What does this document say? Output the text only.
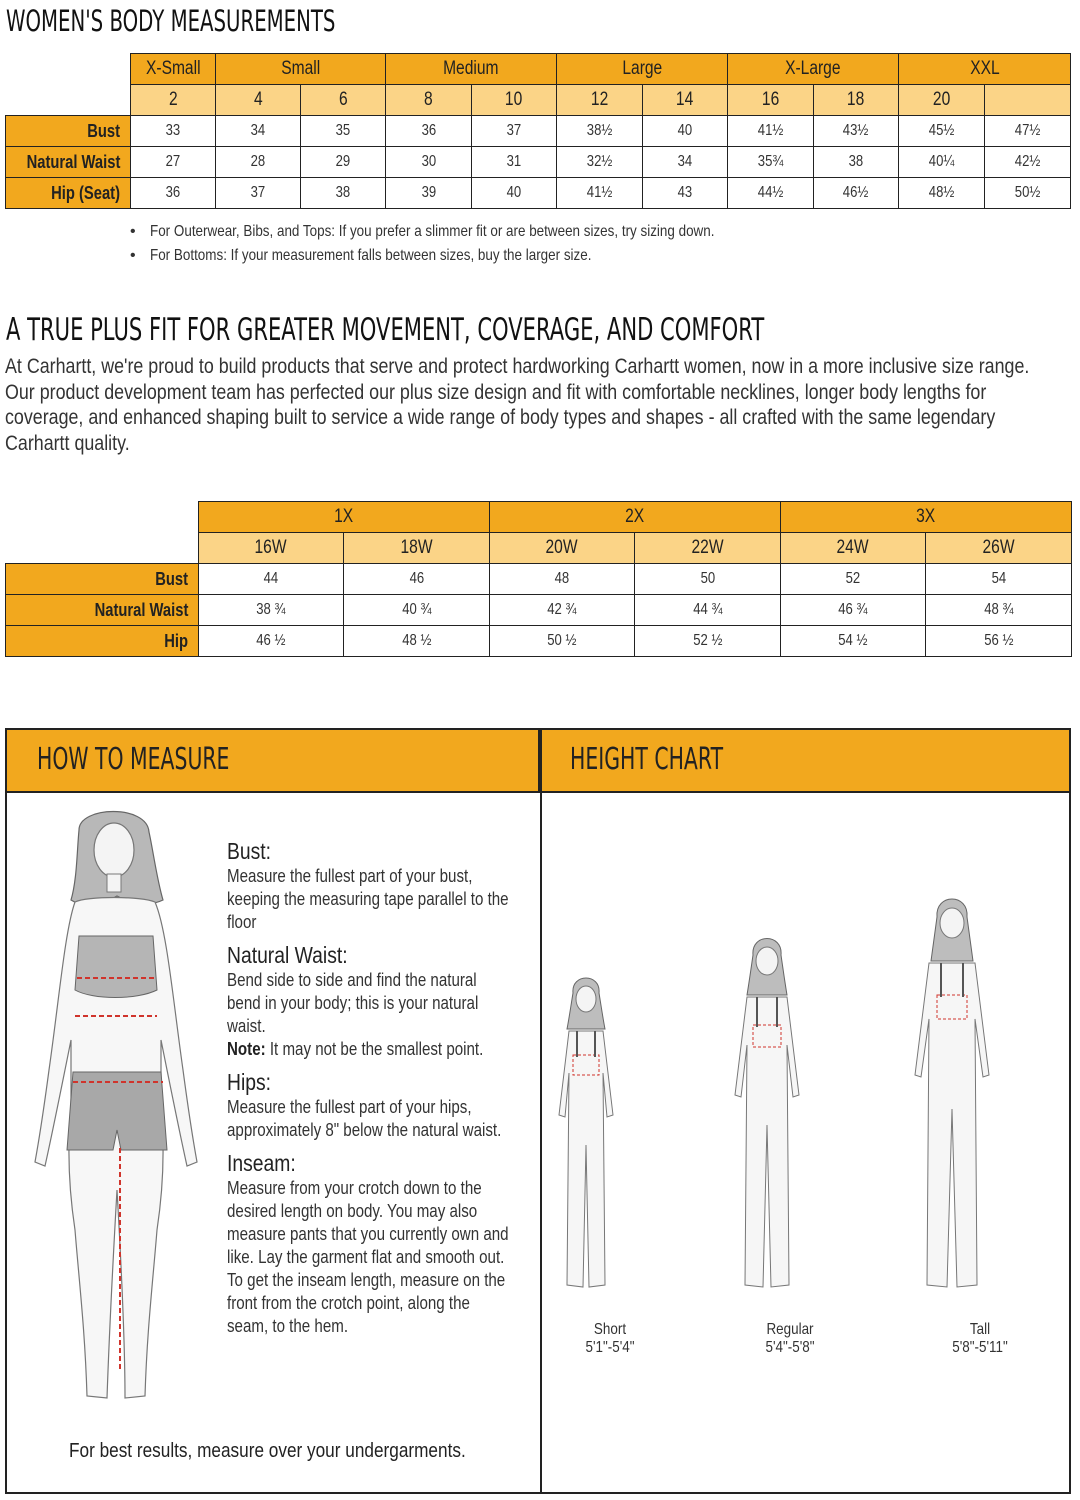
WOMEN'S BODY MEASUREMENTS
	X-Small	Small		Medium		Large		X-Large		XXL	
	2	4	6	8	10	12	14	16	18	20	
Bust	33	34	35	36	37	38½	40	41½	43½	45½	47½
Natural Waist	27	28	29	30	31	32½	34	35¾	38	40¼	42½
Hip (Seat)	36	37	38	39	40	41½	43	44½	46½	48½	50½
• For Outerwear, Bibs, and Tops: If you prefer a slimmer fit or are between sizes, try sizing down.
• For Bottoms: If your measurement falls between sizes, buy the larger size.
A TRUE PLUS FIT FOR GREATER MOVEMENT, COVERAGE, AND COMFORT

At Carhartt, we're proud to build products that serve and protect hardworking Carhartt women, now in a more inclusive size range. Our product development team has perfected our plus size design and fit with comfortable necklines, longer body lengths for coverage, and enhanced shaping built to service a wide range of body types and shapes - all crafted with the same legendary Carhartt quality.

	1X		2X		3X	
	16W	18W	20W	22W	24W	26W
Bust	44	46	48	50	52	54
Natural Waist	38 ¾	40 ¾	42 ¾	44 ¾	46 ¾	48 ¾
Hip	46 ½	48 ½	50 ½	52 ½	54 ½	56 ½
HOW TO MEASURE	HEIGHT CHART
Bust:
Measure the fullest part of your bust, keeping the measuring tape parallel to the floor
Natural Waist:
Bend side to side and find the natural bend in your body; this is your natural waist.
Note: It may not be the smallest point.
Hips:
Measure the fullest part of your hips, approximately 8" below the natural waist.
Inseam:
Measure from your crotch down to the desired length on body. You may also measure pants that you currently own and like. Lay the garment flat and smooth out. To get the inseam length, measure on the front from the crotch point, along the seam, to the hem.
For best results, measure over your undergarments.
Short
5'1"-5'4"
Regular
5'4"-5'8"
Tall
5'8"-5'11"
